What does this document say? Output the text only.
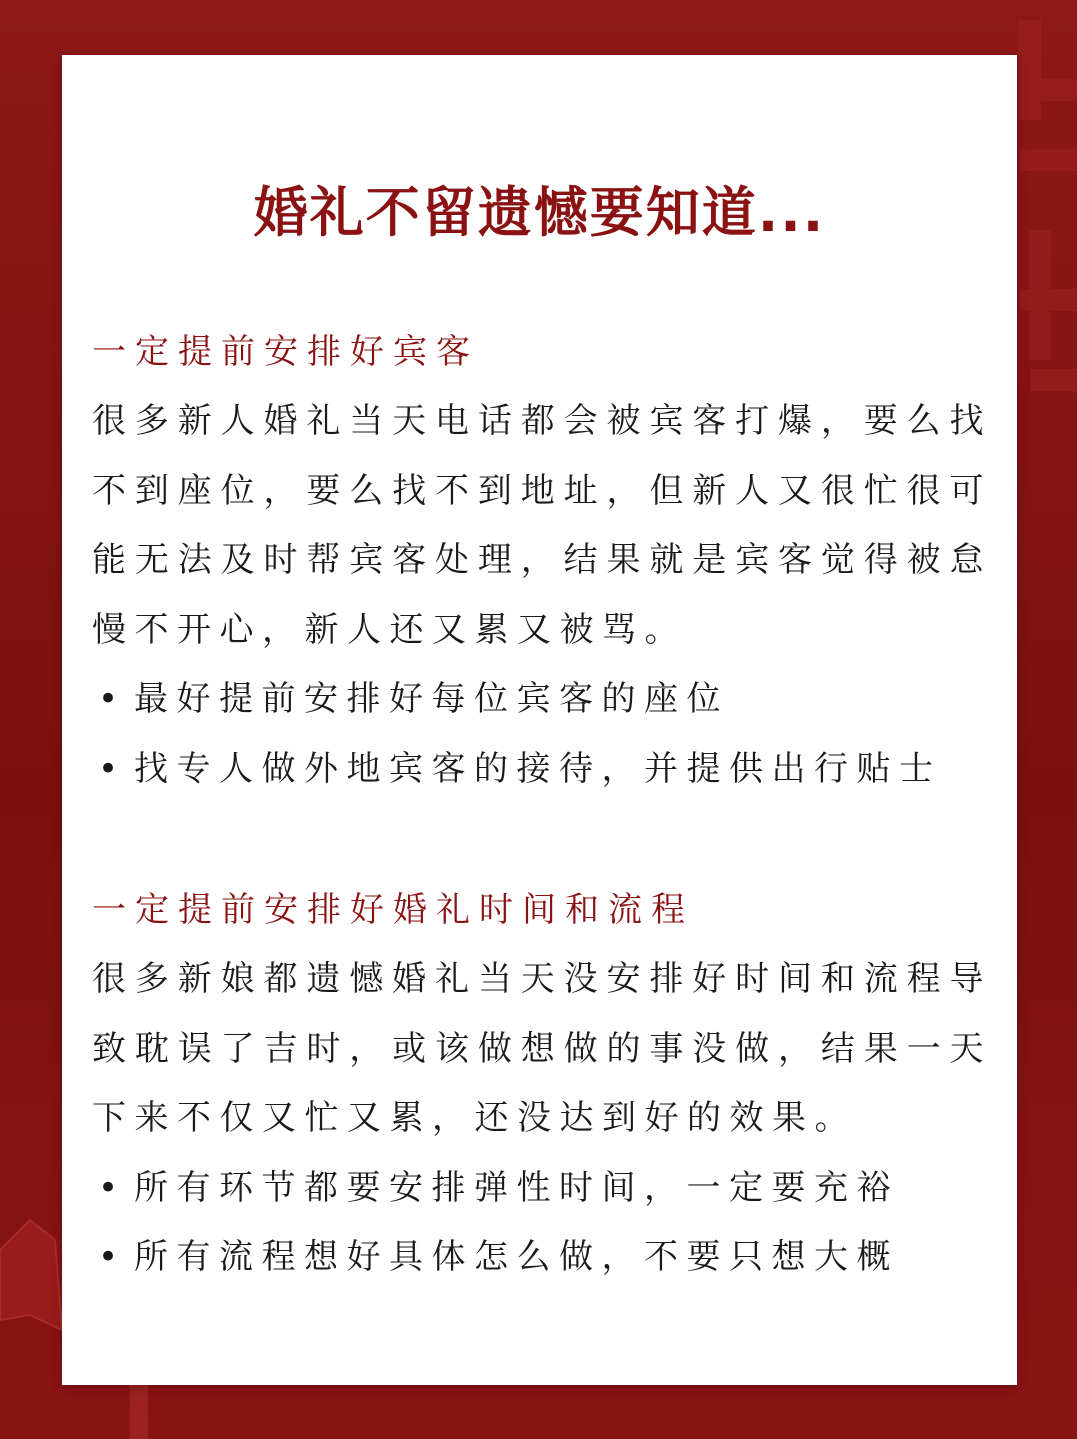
婚礼不留遗憾要知道...
一定提前安排好宾客

很多新人婚礼当天电话都会被宾客打爆，要么找不到座位，要么找不到地址，但新人又很忙很可能无法及时帮宾客处理，结果就是宾客觉得被怠慢不开心，新人还又累又被骂。

• 最好提前安排好每位宾客的座位

• 找专人做外地宾客的接待，并提供出行贴士

一定提前安排好婚礼时间和流程

很多新娘都遗憾婚礼当天没安排好时间和流程导致耽误了吉时，或该做想做的事没做，结果一天下来不仅又忙又累，还没达到好的效果。

• 所有环节都要安排弹性时间，一定要充裕

• 所有流程想好具体怎么做，不要只想大概
